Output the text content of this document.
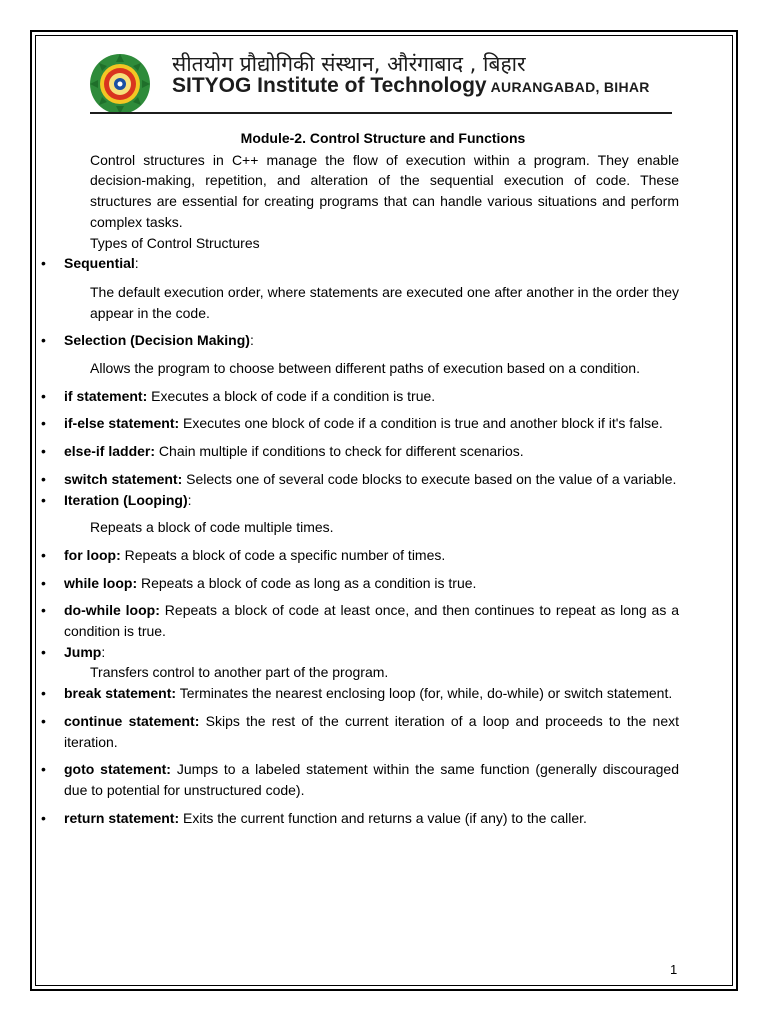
सीतयोग प्रौद्योगिकी संस्थान, औरंगाबाद , बिहार
SITYOG Institute of Technology AURANGABAD, BIHAR
Module-2. Control Structure and Functions
Control structures in C++ manage the flow of execution within a program. They enable decision-making, repetition, and alteration of the sequential execution of code. These structures are essential for creating programs that can handle various situations and perform complex tasks.
Types of Control Structures
• Sequential:
The default execution order, where statements are executed one after another in the order they appear in the code.
• Selection (Decision Making):
Allows the program to choose between different paths of execution based on a condition.
• if statement: Executes a block of code if a condition is true.
• if-else statement: Executes one block of code if a condition is true and another block if it's false.
• else-if ladder: Chain multiple if conditions to check for different scenarios.
• switch statement: Selects one of several code blocks to execute based on the value of a variable.
• Iteration (Looping):
Repeats a block of code multiple times.
• for loop: Repeats a block of code a specific number of times.
• while loop: Repeats a block of code as long as a condition is true.
• do-while loop: Repeats a block of code at least once, and then continues to repeat as long as a condition is true.
• Jump:
Transfers control to another part of the program.
• break statement: Terminates the nearest enclosing loop (for, while, do-while) or switch statement.
• continue statement: Skips the rest of the current iteration of a loop and proceeds to the next iteration.
• goto statement: Jumps to a labeled statement within the same function (generally discouraged due to potential for unstructured code).
• return statement: Exits the current function and returns a value (if any) to the caller.
1
